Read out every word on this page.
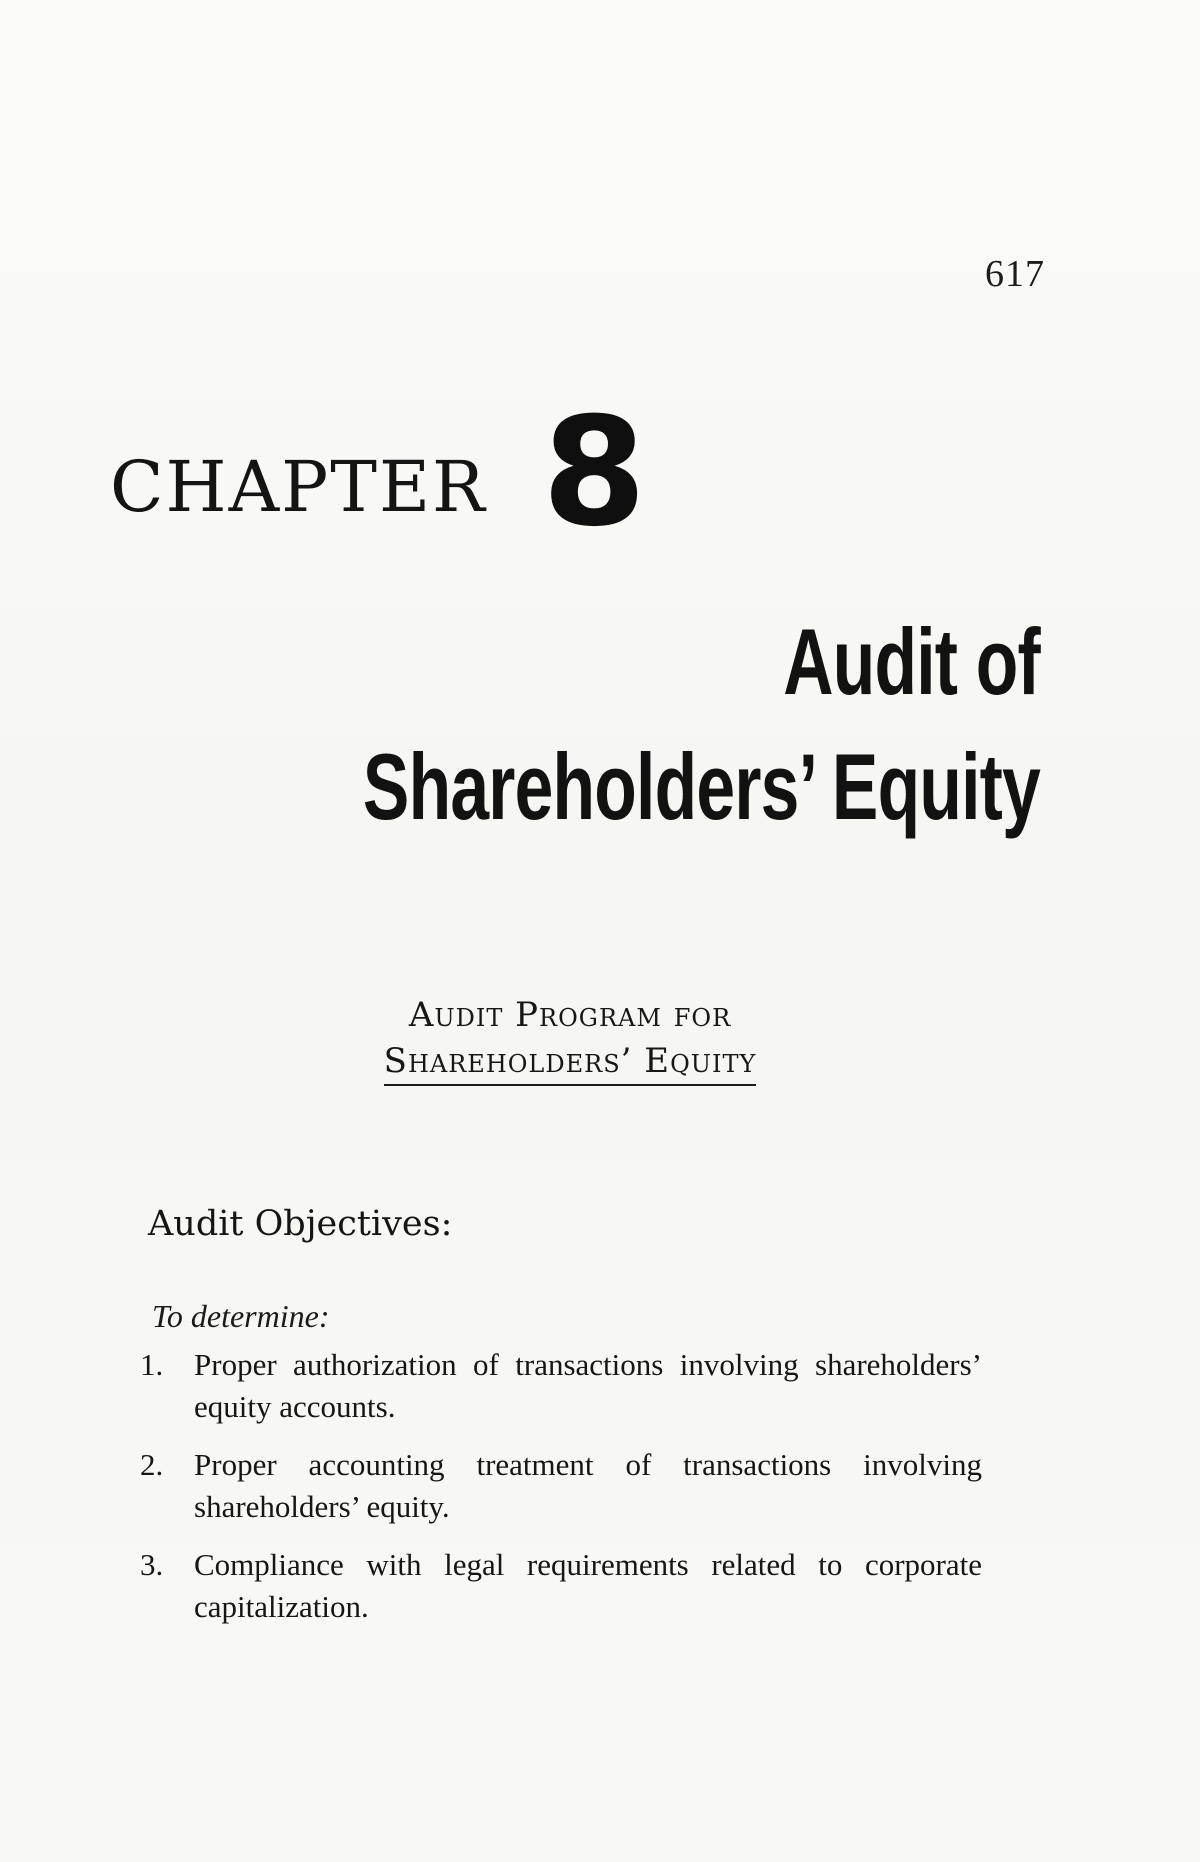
617
CHAPTER 8
Audit of
Shareholders’ Equity
Audit Program for
Shareholders’ Equity
Audit Objectives:
To determine:
1. Proper authorization of transactions involving shareholders’ equity accounts.
2. Proper accounting treatment of transactions involving shareholders’ equity.
3. Compliance with legal requirements related to corporate capitalization.
